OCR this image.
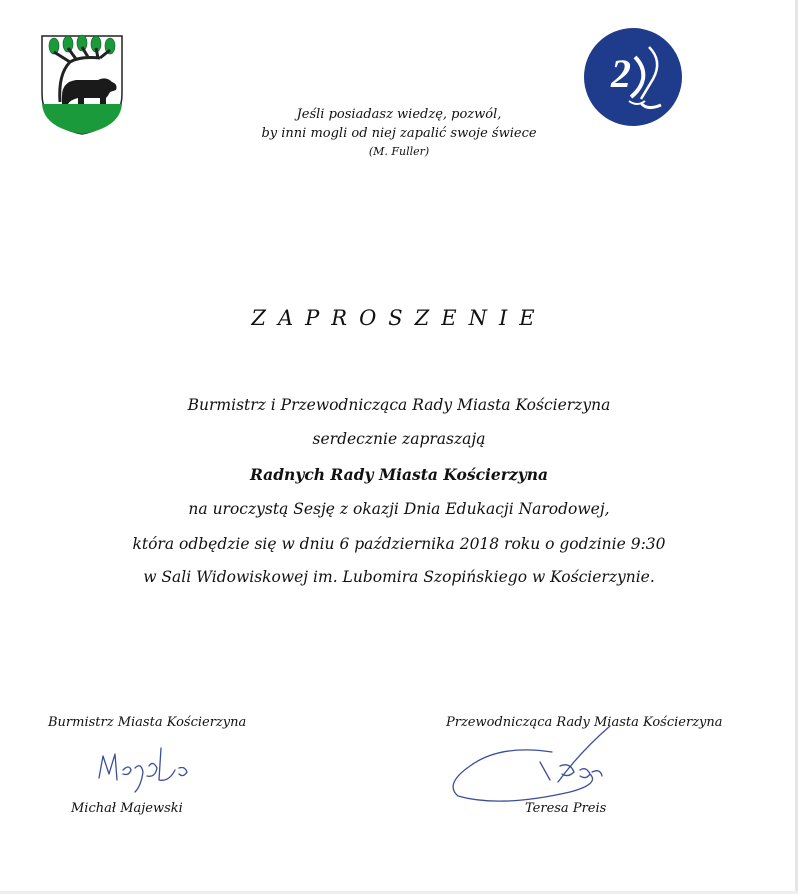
2
Jeśli posiadasz wiedzę, pozwól,
by inni mogli od niej zapalić swoje świece
(M. Fuller)
ZAPROSZENIE
Burmistrz i Przewodnicząca Rady Miasta Kościerzyna
serdecznie zapraszają
Radnych Rady Miasta Kościerzyna
na uroczystą Sesję z okazji Dnia Edukacji Narodowej,
która odbędzie się w dniu 6 października 2018 roku o godzinie 9:30
w Sali Widowiskowej im. Lubomira Szopińskiego w Kościerzynie.
Burmistrz Miasta Kościerzyna
Michał Majewski
Przewodnicząca Rady Miasta Kościerzyna
Teresa Preis
